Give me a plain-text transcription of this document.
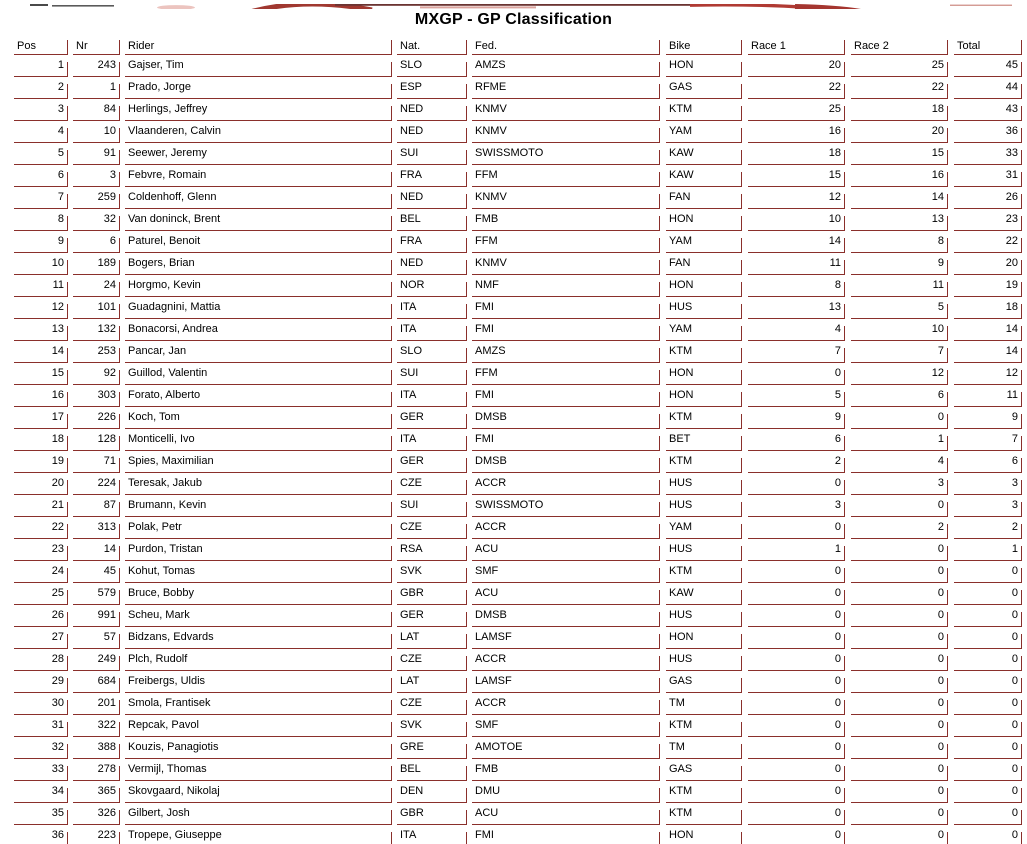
MXGP - GP Classification
Pos	Nr	Rider	Nat.	Fed.	Bike	Race 1	Race 2	Total
1	243	Gajser, Tim	SLO	AMZS	HON	20	25	45
2	1	Prado, Jorge	ESP	RFME	GAS	22	22	44
3	84	Herlings, Jeffrey	NED	KNMV	KTM	25	18	43
4	10	Vlaanderen, Calvin	NED	KNMV	YAM	16	20	36
5	91	Seewer, Jeremy	SUI	SWISSMOTO	KAW	18	15	33
6	3	Febvre, Romain	FRA	FFM	KAW	15	16	31
7	259	Coldenhoff, Glenn	NED	KNMV	FAN	12	14	26
8	32	Van doninck, Brent	BEL	FMB	HON	10	13	23
9	6	Paturel, Benoit	FRA	FFM	YAM	14	8	22
10	189	Bogers, Brian	NED	KNMV	FAN	11	9	20
11	24	Horgmo, Kevin	NOR	NMF	HON	8	11	19
12	101	Guadagnini, Mattia	ITA	FMI	HUS	13	5	18
13	132	Bonacorsi, Andrea	ITA	FMI	YAM	4	10	14
14	253	Pancar, Jan	SLO	AMZS	KTM	7	7	14
15	92	Guillod, Valentin	SUI	FFM	HON	0	12	12
16	303	Forato, Alberto	ITA	FMI	HON	5	6	11
17	226	Koch, Tom	GER	DMSB	KTM	9	0	9
18	128	Monticelli, Ivo	ITA	FMI	BET	6	1	7
19	71	Spies, Maximilian	GER	DMSB	KTM	2	4	6
20	224	Teresak, Jakub	CZE	ACCR	HUS	0	3	3
21	87	Brumann, Kevin	SUI	SWISSMOTO	HUS	3	0	3
22	313	Polak, Petr	CZE	ACCR	YAM	0	2	2
23	14	Purdon, Tristan	RSA	ACU	HUS	1	0	1
24	45	Kohut, Tomas	SVK	SMF	KTM	0	0	0
25	579	Bruce, Bobby	GBR	ACU	KAW	0	0	0
26	991	Scheu, Mark	GER	DMSB	HUS	0	0	0
27	57	Bidzans, Edvards	LAT	LAMSF	HON	0	0	0
28	249	Plch, Rudolf	CZE	ACCR	HUS	0	0	0
29	684	Freibergs, Uldis	LAT	LAMSF	GAS	0	0	0
30	201	Smola, Frantisek	CZE	ACCR	TM	0	0	0
31	322	Repcak, Pavol	SVK	SMF	KTM	0	0	0
32	388	Kouzis, Panagiotis	GRE	AMOTOE	TM	0	0	0
33	278	Vermijl, Thomas	BEL	FMB	GAS	0	0	0
34	365	Skovgaard, Nikolaj	DEN	DMU	KTM	0	0	0
35	326	Gilbert, Josh	GBR	ACU	KTM	0	0	0
36	223	Tropepe, Giuseppe	ITA	FMI	HON	0	0	0
